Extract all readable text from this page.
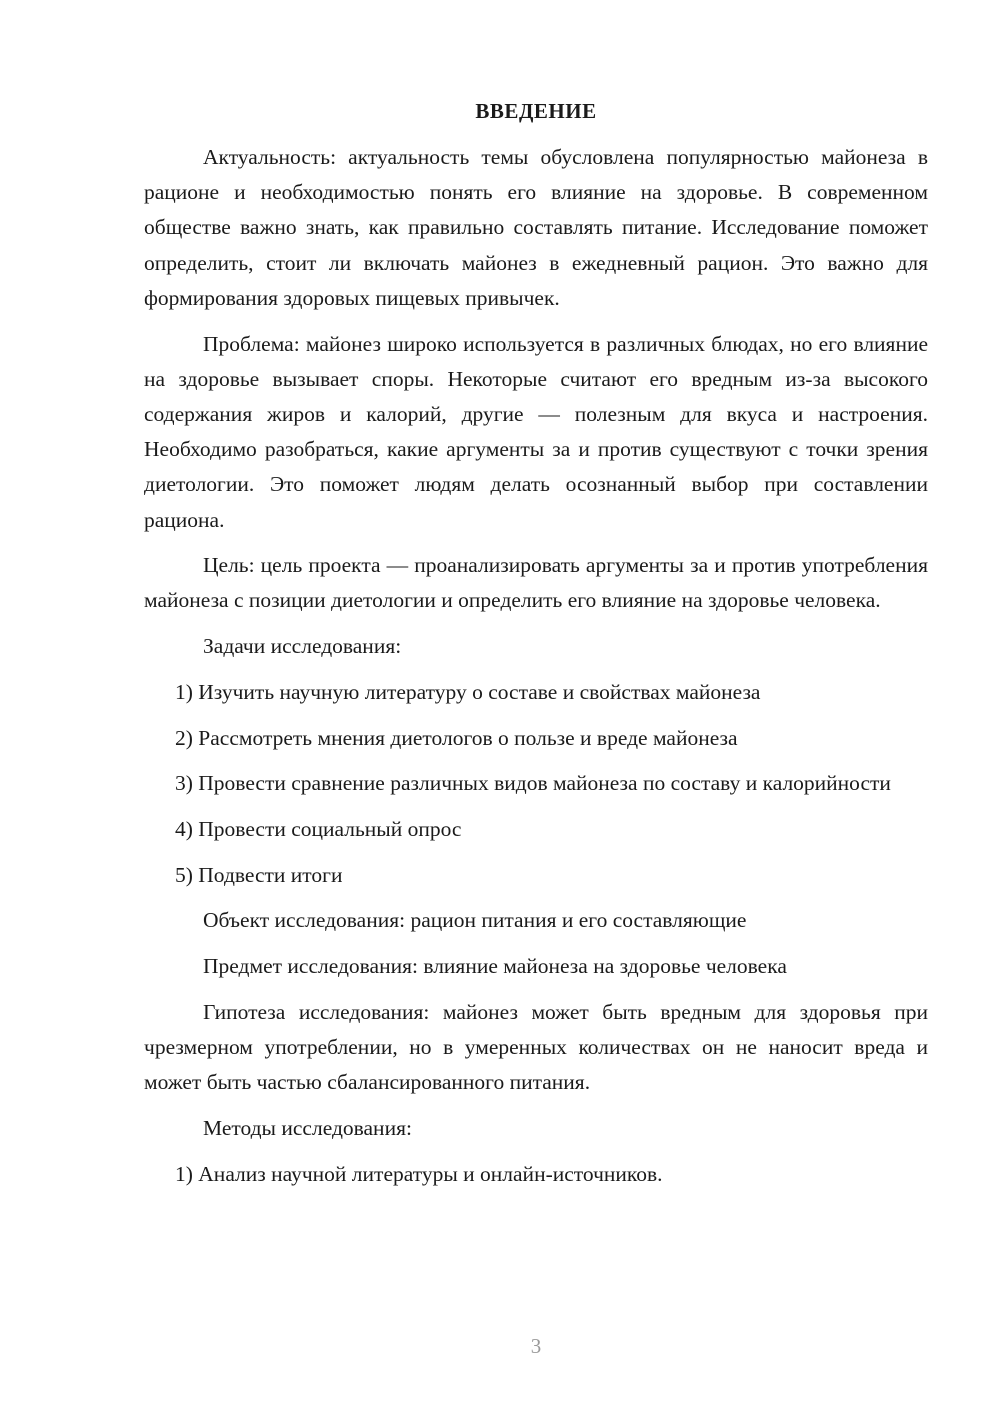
ВВЕДЕНИЕ

Актуальность: актуальность темы обусловлена популярностью майонеза в рационе и необходимостью понять его влияние на здоровье. В современном обществе важно знать, как правильно составлять питание. Исследование поможет определить, стоит ли включать майонез в ежедневный рацион. Это важно для формирования здоровых пищевых привычек.

Проблема: майонез широко используется в различных блюдах, но его влияние на здоровье вызывает споры. Некоторые считают его вредным из-за высокого содержания жиров и калорий, другие — полезным для вкуса и настроения. Необходимо разобраться, какие аргументы за и против существуют с точки зрения диетологии. Это поможет людям делать осознанный выбор при составлении рациона.

Цель: цель проекта — проанализировать аргументы за и против употребления майонеза с позиции диетологии и определить его влияние на здоровье человека.

Задачи исследования:

1) Изучить научную литературу о составе и свойствах майонеза

2) Рассмотреть мнения диетологов о пользе и вреде майонеза

3) Провести сравнение различных видов майонеза по составу и калорийности

4) Провести социальный опрос

5) Подвести итоги

Объект исследования: рацион питания и его составляющие

Предмет исследования: влияние майонеза на здоровье человека

Гипотеза исследования: майонез может быть вредным для здоровья при чрезмерном употреблении, но в умеренных количествах он не наносит вреда и может быть частью сбалансированного питания.

Методы исследования:

1) Анализ научной литературы и онлайн-источников.

3
